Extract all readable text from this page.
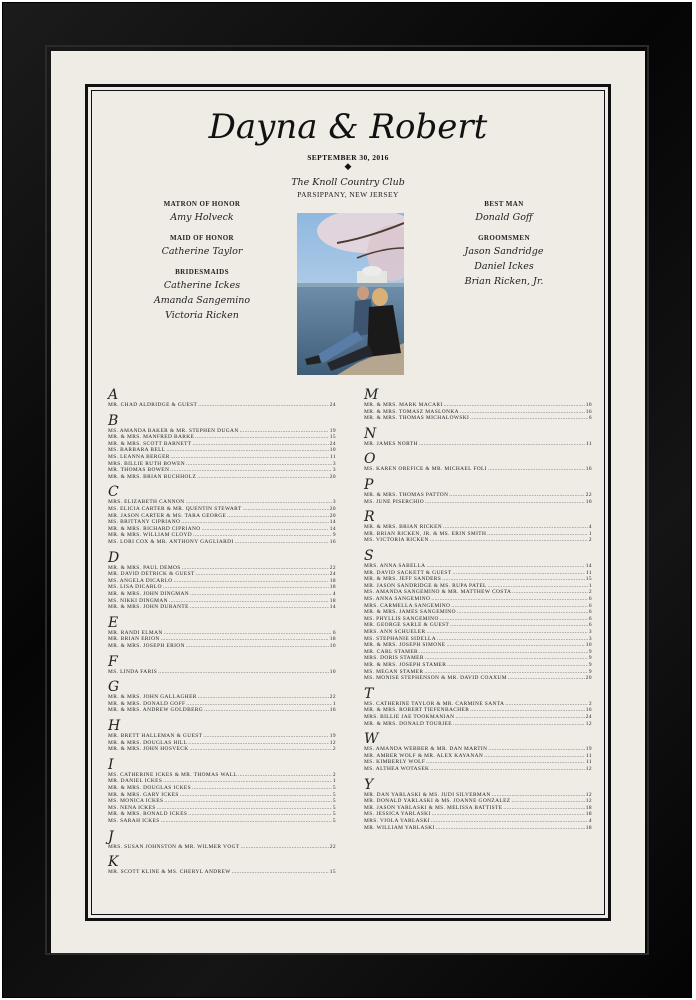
Dayna & Robert
SEPTEMBER 30, 2016
◆
The Knoll Country Club
PARSIPPANY, NEW JERSEY
MATRON OF HONOR
Amy Holveck
MAID OF HONOR
Catherine Taylor
BRIDESMAIDS
Catherine Ickes
Amanda Sangemino
Victoria Ricken
BEST MAN
Donald Goff
GROOMSMEN
Jason Sandridge
Daniel Ickes
Brian Ricken, Jr.
A
MR. CHAD ALDRIDGE & GUEST .....	24
B
MS. AMANDA BAKER & MR. STEPHEN DUGAN .....	19
MR. & MRS. MANFRED BARKE .....	15
MR. & MRS. SCOTT BARNETT .....	24
MS. BARBARA BELL .....	10
MS. LEANNA BERGER .....	11
MRS. BILLIE RUTH BOWEN .....	3
MR. THOMAS BOWEN .....	3
MR. & MRS. BRIAN BUCHHOLZ .....	20
C
MRS. ELIZABETH CANNON .....	3
MS. ELICIA CARTER & MR. QUENTIN STEWART .....	20
MR. JASON CARTER & MS. TARA GEORGE .....	20
MS. BRITTANY CIPRIANO .....	14
MR. & MRS. RICHARD CIPRIANO .....	14
MR. & MRS. WILLIAM CLOYD .....	9
MS. LORI COX & MR. ANTHONY GAGLIARDI .....	16
D
MR. & MRS. PAUL DEMOS .....	22
MR. DAVID DETRICK & GUEST .....	24
MS. ANGELA DICARLO .....	18
MS. LISA DICARLO .....	18
MR. & MRS. JOHN DINGMAN .....	4
MS. NIKKI DINGMAN .....	18
MR. & MRS. JOHN DURANTE .....	14
E
MR. RANDI ELMAN .....	6
MR. BRIAN ERION .....	18
MR. & MRS. JOSEPH ERION .....	10
F
MS. LINDA FARIS .....	10
G
MR. & MRS. JOHN GALLAGHER .....	22
MR. & MRS. DONALD GOFF .....	1
MR. & MRS. ANDREW GOLDBERG .....	16
H
MR. BRETT HALLEMAN & GUEST .....	19
MR. & MRS. DOUGLAS HILL .....	12
MR. & MRS. JOHN HOSVECK .....	2
I
MS. CATHERINE ICKES & MR. THOMAS WALL .....	2
MR. DANIEL ICKES .....	1
MR. & MRS. DOUGLAS ICKES .....	5
MR. & MRS. GARY ICKES .....	5
MS. MONICA ICKES .....	5
MS. NENA ICKES .....	5
MR. & MRS. RONALD ICKES .....	5
MS. SARAH ICKES .....	5
J
MRS. SUSAN JOHNSTON & MR. WILMER VOGT .....	22
K
MR. SCOTT KLINE & MS. CHERYL ANDREW .....	15
M
MR. & MRS. MARK MACARI .....	10
MR. & MRS. TOMASZ MASLONKA .....	16
MR. & MRS. THOMAS MICHALOWSKI .....	6
N
MR. JAMES NORTH .....	11
O
MS. KAREN OREFICE & MR. MICHAEL FOLI .....	16
P
MR. & MRS. THOMAS PATTON .....	22
MS. JUNE PISERCHIO .....	10
R
MR. & MRS. BRIAN RICKEN .....	4
MR. BRIAN RICKEN, JR. & MS. ERIN SMITH .....	1
MS. VICTORIA RICKEN .....	2
S
MRS. ANNA SABELLA .....	14
MR. DAVID SACKETT & GUEST .....	11
MR. & MRS. JEFF SANDERS .....	15
MR. JASON SANDRIDGE & MS. RUPA PATEL .....	1
MS. AMANDA SANGEMINO & MR. MATTHEW COSTA .....	2
MS. ANNA SANGEMINO .....	6
MRS. CARMELLA SANGEMINO .....	6
MR. & MRS. JAMES SANGEMINO .....	6
MS. PHYLLIS SANGEMINO .....	6
MR. GEORGE SARLE & GUEST .....	6
MRS. ANN SCHUELER .....	3
MS. STEPHANIE SIDELLA .....	3
MR. & MRS. JOSEPH SIMONE .....	10
MR. CARL STAMER .....	9
MRS. DORIS STAMER .....	9
MR. & MRS. JOSEPH STAMER .....	9
MS. MEGAN STAMER .....	9
MS. MONISE STEPHENSON & MR. DAVID COAXUM .....	20
T
MS. CATHERINE TAYLOR & MR. CARMINE SANTA .....	2
MR. & MRS. ROBERT TIEFENBACHER .....	16
MRS. BILLIE JAE TOOKMANIAN .....	24
MR. & MRS. DONALD TOURJEE .....	12
W
MS. AMANDA WEBBER & MR. DAN MARTIN .....	19
MR. AMBER WOLF & MR. ALEX KAYANAN .....	11
MS. KIMBERLY WOLF .....	11
MS. ALTHEA WOTASEK .....	12
Y
MR. DAN YARLASKI & MS. JUDI SILVERMAN .....	12
MR. DONALD YARLASKI & MS. JOANNE GONZALEZ .....	12
MR. JASON YARLASKI & MS. MELISSA BATTISTE .....	18
MS. JESSICA YARLASKI .....	18
MRS. VIOLA YARLASKI .....	4
MR. WILLIAM YARLASKI .....	18
